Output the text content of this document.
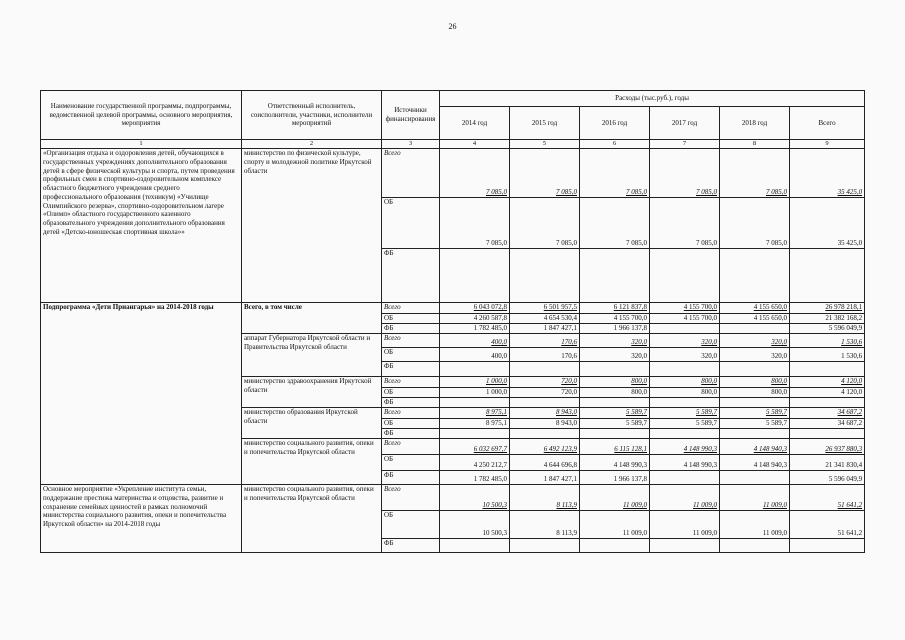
26
Наименование государственной программы, подпрограммы, ведомственной целевой программы, основного мероприятия, мероприятия	Ответственный исполнитель, соисполнители, участники, исполнители мероприятий	Источники финансирования	Расходы (тыс.руб.), годы					
			2014 год	2015 год	2016 год	2017 год	2018 год	Всего
1	2	3	4	5	6	7	8	9
«Организация отдыха и оздоровления детей, обучающихся в государственных учреждениях дополнительного образования детей в сфере физической культуры и спорта, путем проведения профильных смен в спортивно-оздоровительном комплексе областного бюджетного учреждения среднего профессионального образования (техникум) «Училище Олимпийского резерва», спортивно-оздоровительном лагере «Олимп» областного государственного казенного образовательного учреждения дополнительного образования детей «Детско-юношеская спортивная школа»»	министерство по физической культуре, спорту и молодежной политике Иркутской области	Всего	7 085,0	7 085,0	7 085,0	7 085,0	7 085,0	35 425,0
		ОБ	7 085,0	7 085,0	7 085,0	7 085,0	7 085,0	35 425,0
		ФБ						
Подпрограмма «Дети Приангарья» на 2014-2018 годы	Всего, в том числе	Всего	6 043 072,8	6 501 957,5	6 121 837,8	4 155 700,0	4 155 650,0	26 978 218,1
		ОБ	4 260 587,8	4 654 530,4	4 155 700,0	4 155 700,0	4 155 650,0	21 382 168,2
		ФБ	1 782 485,0	1 847 427,1	1 966 137,8			5 596 049,9
	аппарат Губернатора Иркутской области и Правительства Иркутской области	Всего	400,0	170,6	320,0	320,0	320,0	1 530,6
		ОБ	400,0	170,6	320,0	320,0	320,0	1 530,6
		ФБ						
	министерство здравоохранения Иркутской области	Всего	1 000,0	720,0	800,0	800,0	800,0	4 120,0
		ОБ	1 000,0	720,0	800,0	800,0	800,0	4 120,0
		ФБ						
	министерство образования Иркутской области	Всего	8 975,1	8 943,0	5 589,7	5 589,7	5 589,7	34 687,2
		ОБ	8 975,1	8 943,0	5 589,7	5 589,7	5 589,7	34 687,2
		ФБ						
	министерство социального развития, опеки и попечительства Иркутской области	Всего	6 032 697,7	6 492 123,9	6 115 128,1	4 148 990,3	4 148 940,3	26 937 880,3
		ОБ	4 250 212,7	4 644 696,8	4 148 990,3	4 148 990,3	4 148 940,3	21 341 830,4
		ФБ	1 782 485,0	1 847 427,1	1 966 137,8			5 596 049,9
Основное мероприятие «Укрепление института семьи, поддержание престижа материнства и отцовства, развитие и сохранение семейных ценностей в рамках полномочий министерства социального развития, опеки и попечительства Иркутской области» на 2014-2018 годы	министерство социального развития, опеки и попечительства Иркутской области	Всего	10 500,3	8 113,9	11 009,0	11 009,0	11 009,0	51 641,2
		ОБ	10 500,3	8 113,9	11 009,0	11 009,0	11 009,0	51 641,2
		ФБ						
